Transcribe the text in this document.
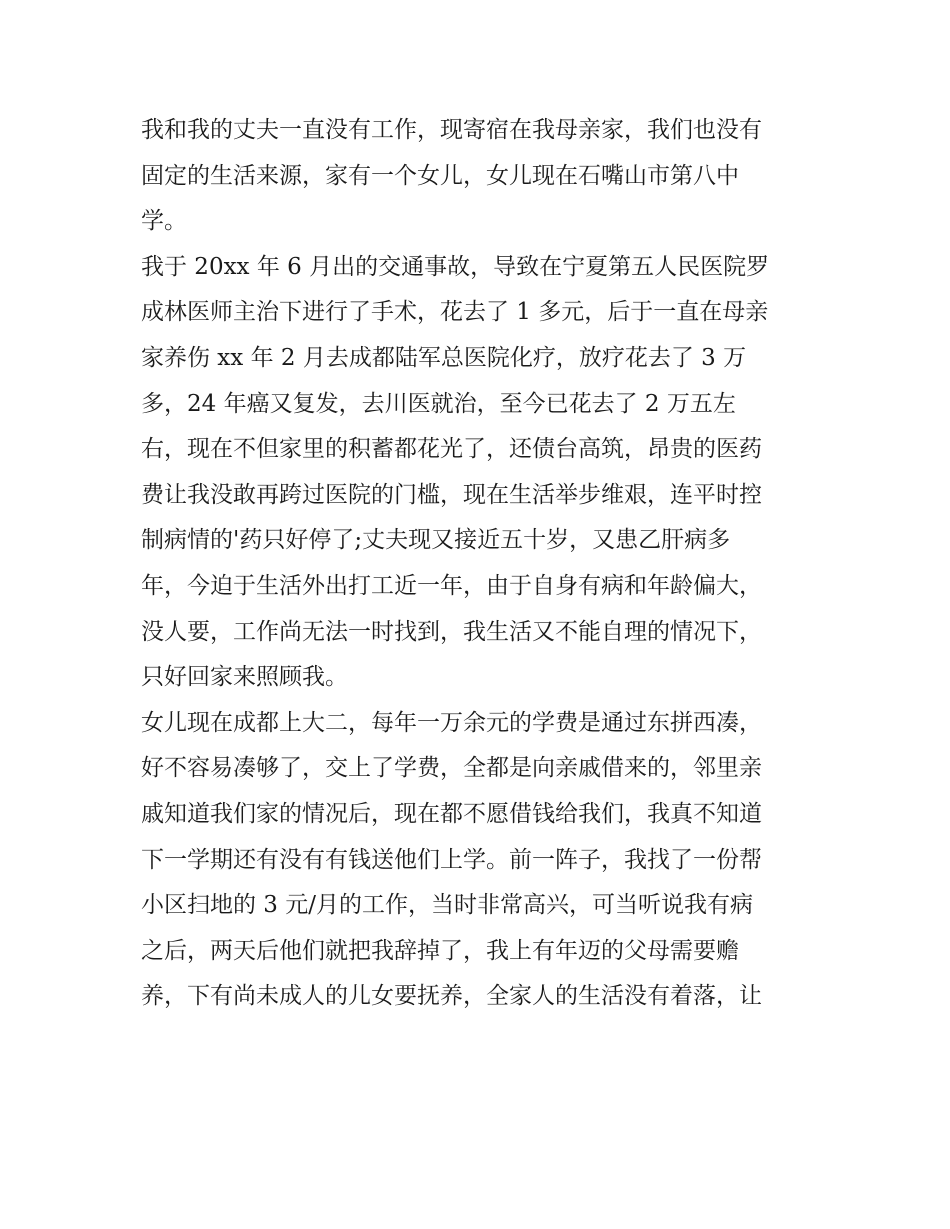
我和我的丈夫一直没有工作，现寄宿在我母亲家，我们也没有
固定的生活来源，家有一个女儿，女儿现在石嘴山市第八中
学。
我于 20xx 年 6 月出的交通事故，导致在宁夏第五人民医院罗
成林医师主治下进行了手术，花去了 1 多元，后于一直在母亲
家养伤 xx 年 2 月去成都陆军总医院化疗，放疗花去了 3 万
多，24 年癌又复发，去川医就治，至今已花去了 2 万五左
右，现在不但家里的积蓄都花光了，还债台高筑，昂贵的医药
费让我没敢再跨过医院的门槛，现在生活举步维艰，连平时控
制病情的'药只好停了;丈夫现又接近五十岁，又患乙肝病多
年，今迫于生活外出打工近一年，由于自身有病和年龄偏大，
没人要，工作尚无法一时找到，我生活又不能自理的情况下，
只好回家来照顾我。
女儿现在成都上大二，每年一万余元的学费是通过东拼西凑，
好不容易凑够了，交上了学费，全都是向亲戚借来的，邻里亲
戚知道我们家的情况后，现在都不愿借钱给我们，我真不知道
下一学期还有没有有钱送他们上学。前一阵子，我找了一份帮
小区扫地的 3 元/月的工作，当时非常高兴，可当听说我有病
之后，两天后他们就把我辞掉了，我上有年迈的父母需要赡
养，下有尚未成人的儿女要抚养，全家人的生活没有着落，让
